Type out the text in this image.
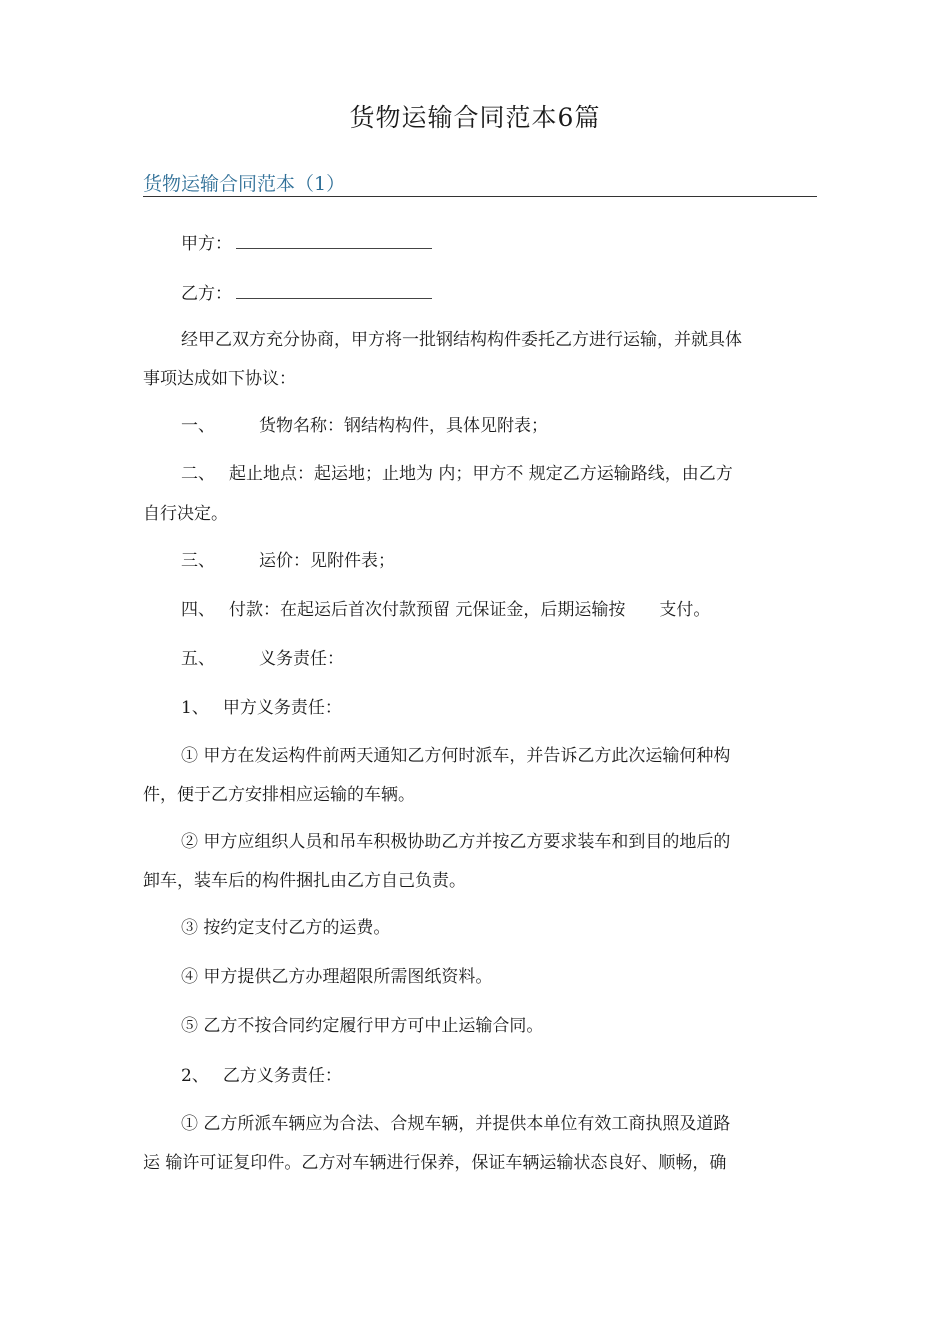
货物运输合同范本6篇
货物运输合同范本（1）
甲方：
乙方：
经甲乙双方充分协商，甲方将一批钢结构构件委托乙方进行运输，并就具体
事项达成如下协议：
一、	货物名称：钢结构构件，具体见附表；
二、 起止地点：起运地；止地为 内；甲方不 规定乙方运输路线，由乙方
自行决定。
三、	运价：见附件表；
四、 付款：在起运后首次付款预留 元保证金，后期运输按 支付。
五、	义务责任：
1、 甲方义务责任：
① 甲方在发运构件前两天通知乙方何时派车，并告诉乙方此次运输何种构
件，便于乙方安排相应运输的车辆。
② 甲方应组织人员和吊车积极协助乙方并按乙方要求装车和到目的地后的
卸车，装车后的构件捆扎由乙方自己负责。
③ 按约定支付乙方的运费。
④ 甲方提供乙方办理超限所需图纸资料。
⑤ 乙方不按合同约定履行甲方可中止运输合同。
2、 乙方义务责任：
① 乙方所派车辆应为合法、合规车辆，并提供本单位有效工商执照及道路
运 输许可证复印件。乙方对车辆进行保养，保证车辆运输状态良好、顺畅，确
